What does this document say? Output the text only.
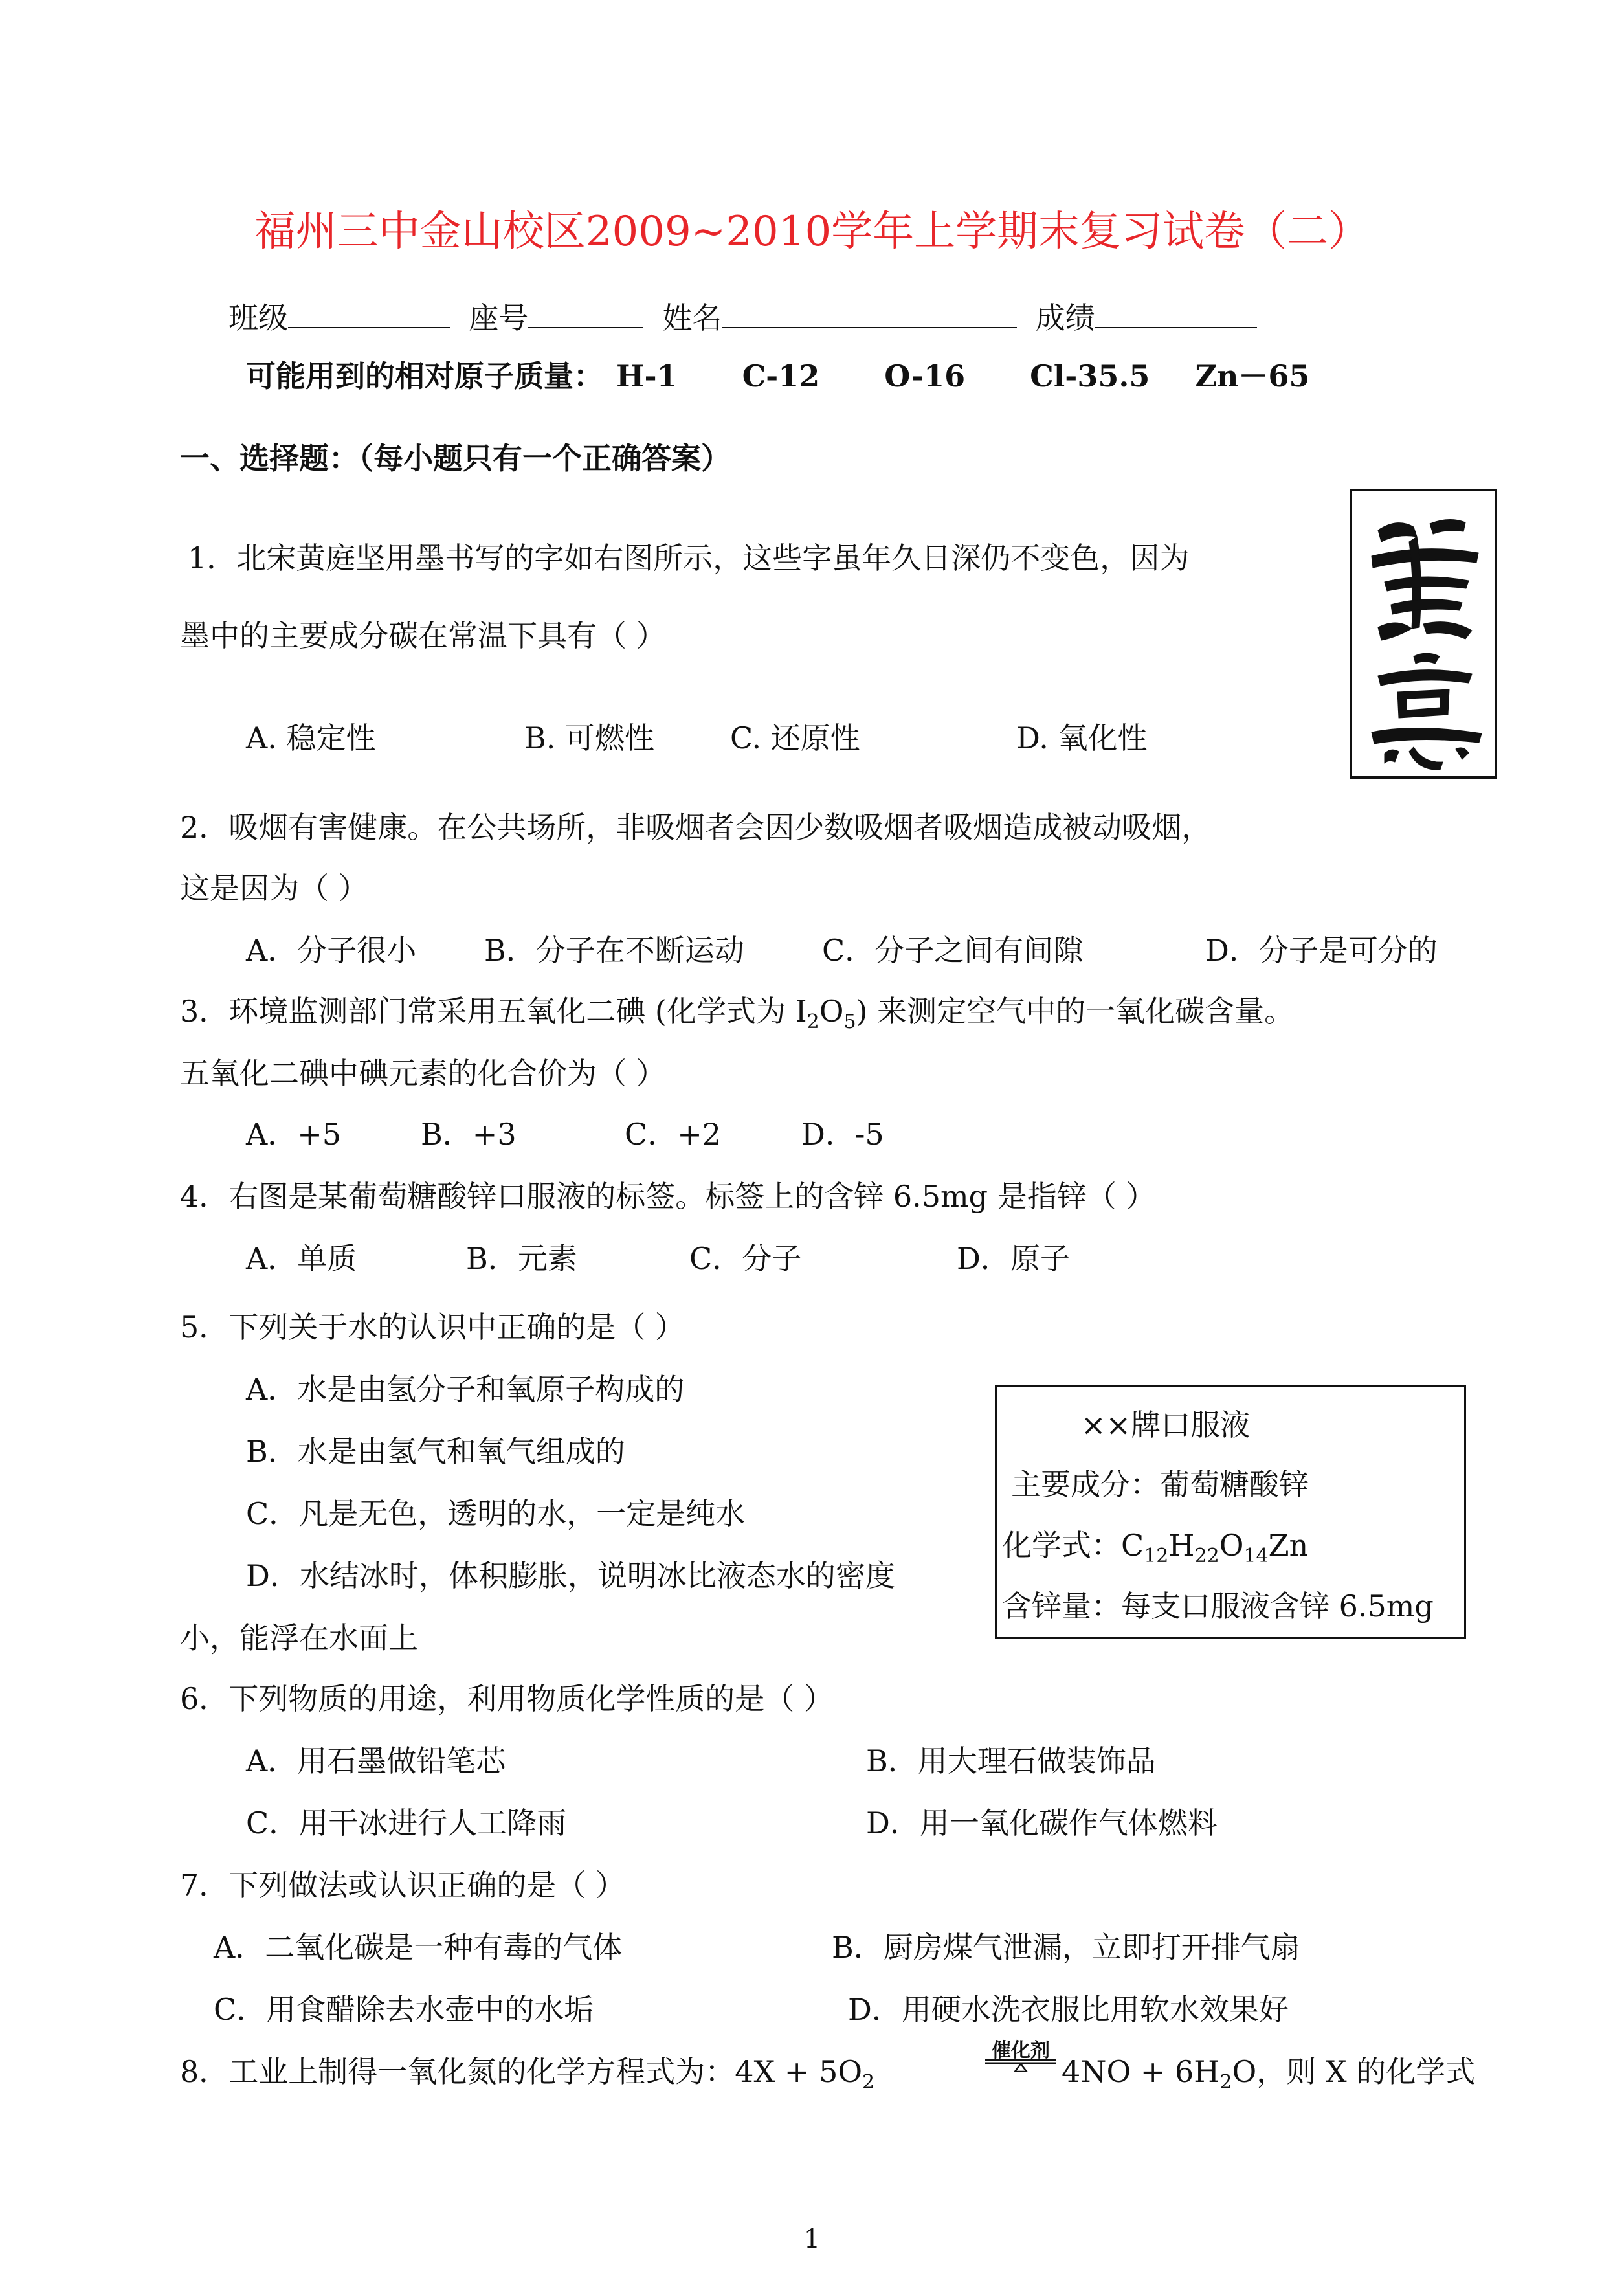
福州三中金山校区2009~2010学年上学期末复习试卷（二）
班级	座号	姓名	成绩
可能用到的相对原子质量： H-1 C-12 O-16 Cl-35.5 Zn－65
一、选择题：（每小题只有一个正确答案）
1．北宋黄庭坚用墨书写的字如右图所示，这些字虽年久日深仍不变色，因为
墨中的主要成分碳在常温下具有（ ）
A. 稳定性	B. 可燃性	C. 还原性	D. 氧化性
2．吸烟有害健康。在公共场所，非吸烟者会因少数吸烟者吸烟造成被动吸烟，
这是因为（ ）
A．分子很小 B．分子在不断运动	C．分子之间有间隙	D．分子是可分的
3．环境监测部门常采用五氧化二碘 (化学式为 $I_2O_5$) 来测定空气中的一氧化碳含量。
五氧化二碘中碘元素的化合价为（ ）
A．+5	B．+3	C．+2	D．-5
4．右图是某葡萄糖酸锌口服液的标签。标签上的含锌 6.5mg 是指锌（ ）
A．单质	B．元素	C．分子	D．原子
5．下列关于水的认识中正确的是（ ）
A．水是由氢分子和氧原子构成的
B．水是由氢气和氧气组成的
C．凡是无色，透明的水，一定是纯水
D．水结冰时，体积膨胀，说明冰比液态水的密度
小，能浮在水面上
××牌口服液
主要成分：葡萄糖酸锌
化学式：$C_{12}H_{22}O_{14}Zn$
含锌量：每支口服液含锌 6.5mg
6．下列物质的用途，利用物质化学性质的是（ ）
A．用石墨做铅笔芯	B．用大理石做装饰品
C．用干冰进行人工降雨	D．用一氧化碳作气体燃料
7．下列做法或认识正确的是（ ）
A．二氧化碳是一种有毒的气体	B．厨房煤气泄漏，立即打开排气扇
C．用食醋除去水壶中的水垢	D．用硬水洗衣服比用软水效果好
8．工业上制得一氧化氮的化学方程式为：$4X + 5O_2$
催化剂
$4NO + 6H_2O$，则 X 的化学式
1
